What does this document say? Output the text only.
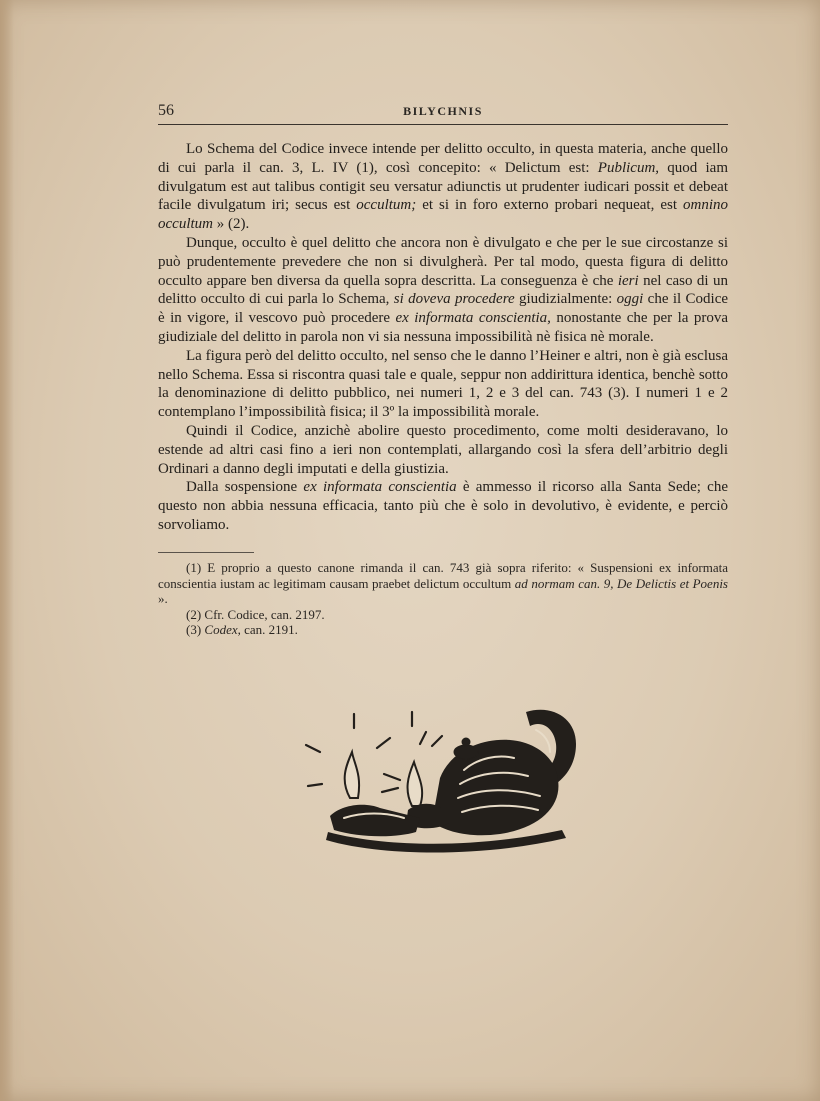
56	BILYCHNIS

Lo Schema del Codice invece intende per delitto occulto, in questa materia, anche quello di cui parla il can. 3, L. IV (1), così concepito: « Delictum est: Publicum, quod iam divulgatum est aut talibus contigit seu versatur adiunctis ut prudenter iudicari possit et debeat facile divulgatum iri; secus est occultum; et si in foro externo probari nequeat, est omnino occultum » (2).

Dunque, occulto è quel delitto che ancora non è divulgato e che per le sue circostanze si può prudentemente prevedere che non si divulgherà. Per tal modo, questa figura di delitto occulto appare ben diversa da quella sopra descritta. La conseguenza è che ieri nel caso di un delitto occulto di cui parla lo Schema, si doveva procedere giudizialmente: oggi che il Codice è in vigore, il vescovo può procedere ex informata conscientia, nonostante che per la prova giudiziale del delitto in parola non vi sia nessuna impossibilità nè fisica nè morale.

La figura però del delitto occulto, nel senso che le danno l’Heiner e altri, non è già esclusa nello Schema. Essa si riscontra quasi tale e quale, seppur non addirittura identica, benchè sotto la denominazione di delitto pubblico, nei numeri 1, 2 e 3 del can. 743 (3). I numeri 1 e 2 contemplano l’impossibilità fisica; il 3º la impossibilità morale.

Quindi il Codice, anzichè abolire questo procedimento, come molti desideravano, lo estende ad altri casi fino a ieri non contemplati, allargando così la sfera dell’arbitrio degli Ordinari a danno degli imputati e della giustizia.

Dalla sospensione ex informata conscientia è ammesso il ricorso alla Santa Sede; che questo non abbia nessuna efficacia, tanto più che è solo in devolutivo, è evidente, e perciò sorvoliamo.

(1) E proprio a questo canone rimanda il can. 743 già sopra riferito: « Suspensioni ex informata conscientia iustam ac legitimam causam praebet delictum occultum ad normam can. 9, De Delictis et Poenis ».

(2) Cfr. Codice, can. 2197.

(3) Codex, can. 2191.
